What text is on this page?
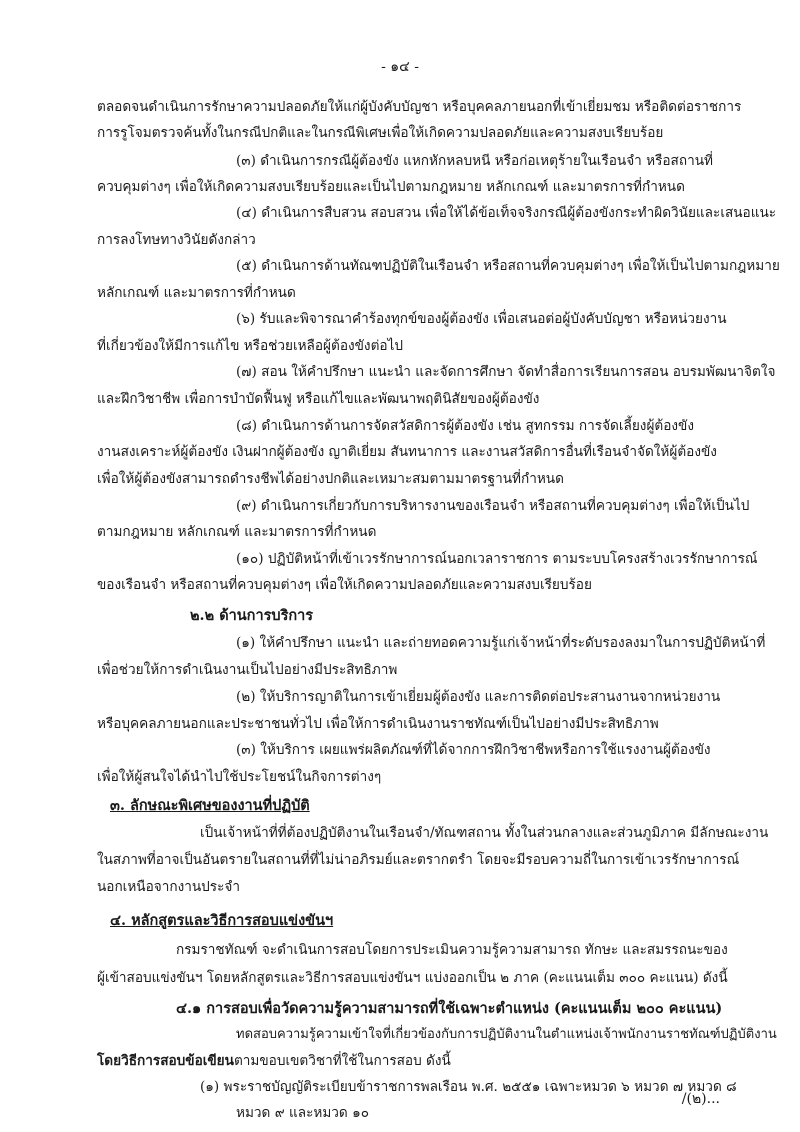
- ๑๔ -
ตลอดจนดำเนินการรักษาความปลอดภัยให้แก่ผู้บังคับบัญชา หรือบุคคลภายนอกที่เข้าเยี่ยมชม หรือติดต่อราชการ
การรูโจมตรวจค้นทั้งในกรณีปกติและในกรณีพิเศษเพื่อให้เกิดความปลอดภัยและความสงบเรียบร้อย
(๓) ดำเนินการกรณีผู้ต้องขัง แหกหักหลบหนี หรือก่อเหตุร้ายในเรือนจำ หรือสถานที่
ควบคุมต่างๆ เพื่อให้เกิดความสงบเรียบร้อยและเป็นไปตามกฎหมาย หลักเกณฑ์ และมาตรการที่กำหนด
(๔) ดำเนินการสืบสวน สอบสวน เพื่อให้ได้ข้อเท็จจริงกรณีผู้ต้องขังกระทำผิดวินัยและเสนอแนะ
การลงโทษทางวินัยดังกล่าว
(๕) ดำเนินการด้านทัณฑปฏิบัติในเรือนจำ หรือสถานที่ควบคุมต่างๆ เพื่อให้เป็นไปตามกฎหมาย
หลักเกณฑ์ และมาตรการที่กำหนด
(๖) รับและพิจารณาคำร้องทุกข์ของผู้ต้องขัง เพื่อเสนอต่อผู้บังคับบัญชา หรือหน่วยงาน
ที่เกี่ยวข้องให้มีการแก้ไข หรือช่วยเหลือผู้ต้องขังต่อไป
(๗) สอน ให้คำปรึกษา แนะนำ และจัดการศึกษา จัดทำสื่อการเรียนการสอน อบรมพัฒนาจิตใจ
และฝึกวิชาชีพ เพื่อการบำบัดฟื้นฟู หรือแก้ไขและพัฒนาพฤตินิสัยของผู้ต้องขัง
(๘) ดำเนินการด้านการจัดสวัสดิการผู้ต้องขัง เช่น สูทกรรม การจัดเลี้ยงผู้ต้องขัง
งานสงเคราะห์ผู้ต้องขัง เงินฝากผู้ต้องขัง ญาติเยี่ยม สันทนาการ และงานสวัสดิการอื่นที่เรือนจำจัดให้ผู้ต้องขัง
เพื่อให้ผู้ต้องขังสามารถดำรงชีพได้อย่างปกติและเหมาะสมตามมาตรฐานที่กำหนด
(๙) ดำเนินการเกี่ยวกับการบริหารงานของเรือนจำ หรือสถานที่ควบคุมต่างๆ เพื่อให้เป็นไป
ตามกฎหมาย หลักเกณฑ์ และมาตรการที่กำหนด
(๑๐) ปฏิบัติหน้าที่เข้าเวรรักษาการณ์นอกเวลาราชการ ตามระบบโครงสร้างเวรรักษาการณ์
ของเรือนจำ หรือสถานที่ควบคุมต่างๆ เพื่อให้เกิดความปลอดภัยและความสงบเรียบร้อย
๒.๒ ด้านการบริการ
(๑) ให้คำปรึกษา แนะนำ และถ่ายทอดความรู้แก่เจ้าหน้าที่ระดับรองลงมาในการปฏิบัติหน้าที่
เพื่อช่วยให้การดำเนินงานเป็นไปอย่างมีประสิทธิภาพ
(๒) ให้บริการญาติในการเข้าเยี่ยมผู้ต้องขัง และการติดต่อประสานงานจากหน่วยงาน
หรือบุคคลภายนอกและประชาชนทั่วไป เพื่อให้การดำเนินงานราชทัณฑ์เป็นไปอย่างมีประสิทธิภาพ
(๓) ให้บริการ เผยแพร่ผลิตภัณฑ์ที่ได้จากการฝึกวิชาชีพหรือการใช้แรงงานผู้ต้องขัง
เพื่อให้ผู้สนใจได้นำไปใช้ประโยชน์ในกิจการต่างๆ
๓. ลักษณะพิเศษของงานที่ปฏิบัติ
เป็นเจ้าหน้าที่ที่ต้องปฏิบัติงานในเรือนจำ/ทัณฑสถาน ทั้งในส่วนกลางและส่วนภูมิภาค มีลักษณะงาน
ในสภาพที่อาจเป็นอันตรายในสถานที่ที่ไม่น่าอภิรมย์และตรากตรำ โดยจะมีรอบความถี่ในการเข้าเวรรักษาการณ์
นอกเหนือจากงานประจำ
๔. หลักสูตรและวิธีการสอบแข่งขันฯ
กรมราชทัณฑ์ จะดำเนินการสอบโดยการประเมินความรู้ความสามารถ ทักษะ และสมรรถนะของ
ผู้เข้าสอบแข่งขันฯ โดยหลักสูตรและวิธีการสอบแข่งขันฯ แบ่งออกเป็น ๒ ภาค (คะแนนเต็ม ๓๐๐ คะแนน) ดังนี้
๔.๑ การสอบเพื่อวัดความรู้ความสามารถที่ใช้เฉพาะตำแหน่ง (คะแนนเต็ม ๒๐๐ คะแนน)
ทดสอบความรู้ความเข้าใจที่เกี่ยวข้องกับการปฏิบัติงานในตำแหน่งเจ้าพนักงานราชทัณฑ์ปฏิบัติงาน
โดยวิธีการสอบข้อเขียนตามขอบเขตวิชาที่ใช้ในการสอบ ดังนี้
(๑) พระราชบัญญัติระเบียบข้าราชการพลเรือน พ.ศ. ๒๕๕๑ เฉพาะหมวด ๖ หมวด ๗ หมวด ๘
หมวด ๙ และหมวด ๑๐
/(๒)...
